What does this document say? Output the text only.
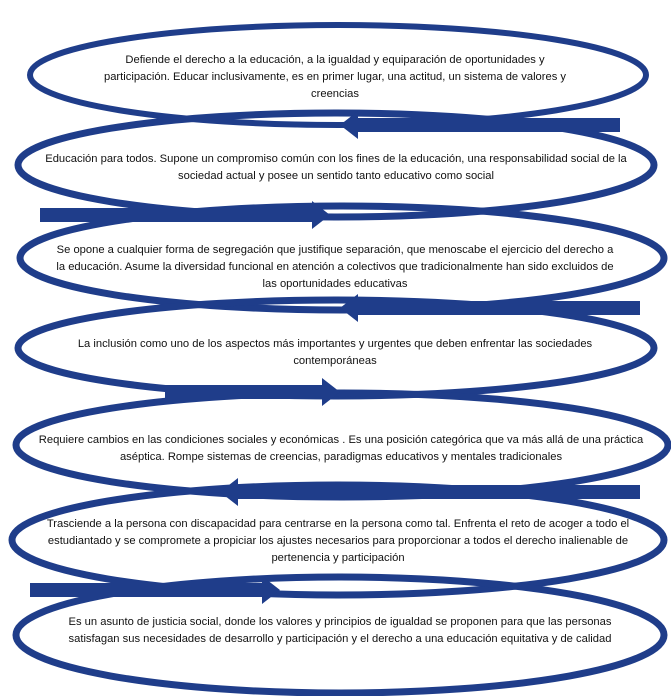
Defiende el derecho a la educación, a la igualdad y equiparación de oportunidades y participación. Educar inclusivamente, es en primer lugar, una actitud, un sistema de valores y creencias

Educación para todos. Supone un compromiso común con los fines de la educación, una responsabilidad social de la sociedad actual y posee un sentido tanto educativo como social

Se opone a cualquier forma de segregación que justifique separación, que menoscabe el ejercicio del derecho a la educación. Asume la diversidad funcional en atención a colectivos que tradicionalmente han sido excluidos de las oportunidades educativas

La inclusión como uno de los aspectos más importantes y urgentes que deben enfrentar las sociedades contemporáneas

Requiere cambios en las condiciones sociales y económicas . Es una posición categórica que va más allá de una práctica aséptica. Rompe sistemas de creencias, paradigmas educativos y mentales tradicionales

Trasciende a la persona con discapacidad para centrarse en la persona como tal. Enfrenta el reto de acoger a todo el estudiantado y se compromete a propiciar los ajustes necesarios para proporcionar a todos el derecho inalienable de pertenencia y participación

Es un asunto de justicia social, donde los valores y principios de igualdad se proponen para que las personas satisfagan sus necesidades de desarrollo y participación y el derecho a una educación equitativa y de calidad
